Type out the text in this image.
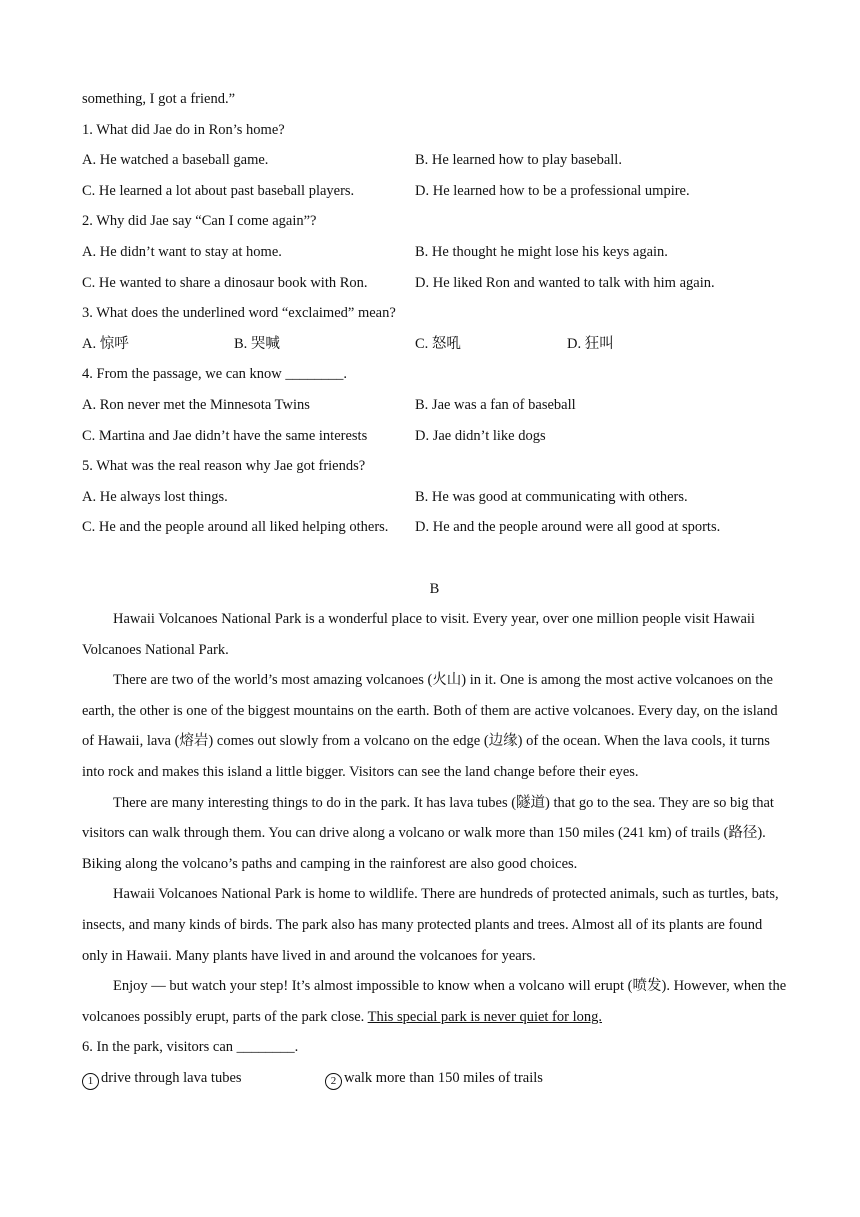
something, I got a friend.”
1. What did Jae do in Ron’s home?
A. He watched a baseball game.	B. He learned how to play baseball.
C. He learned a lot about past baseball players.	D. He learned how to be a professional umpire.
2. Why did Jae say “Can I come again”?
A. He didn’t want to stay at home.	B. He thought he might lose his keys again.
C. He wanted to share a dinosaur book with Ron.	D. He liked Ron and wanted to talk with him again.
3. What does the underlined word “exclaimed” mean?
A. 惊呼	B. 哭喊	C. 怒吼	D. 狂叫
4. From the passage, we can know ________.
A. Ron never met the Minnesota Twins	B. Jae was a fan of baseball
C. Martina and Jae didn’t have the same interests	D. Jae didn’t like dogs
5. What was the real reason why Jae got friends?
A. He always lost things.	B. He was good at communicating with others.
C. He and the people around all liked helping others.	D. He and the people around were all good at sports.
B
Hawaii Volcanoes National Park is a wonderful place to visit. Every year, over one million people visit Hawaii Volcanoes National Park.
There are two of the world’s most amazing volcanoes (火山) in it. One is among the most active volcanoes on the earth, the other is one of the biggest mountains on the earth. Both of them are active volcanoes. Every day, on the island of Hawaii, lava (熔岩) comes out slowly from a volcano on the edge (边缘) of the ocean. When the lava cools, it turns into rock and makes this island a little bigger. Visitors can see the land change before their eyes.
There are many interesting things to do in the park. It has lava tubes (隧道) that go to the sea. They are so big that visitors can walk through them. You can drive along a volcano or walk more than 150 miles (241 km) of trails (路径). Biking along the volcano’s paths and camping in the rainforest are also good choices.
Hawaii Volcanoes National Park is home to wildlife. There are hundreds of protected animals, such as turtles, bats, insects, and many kinds of birds. The park also has many protected plants and trees. Almost all of its plants are found only in Hawaii. Many plants have lived in and around the volcanoes for years.
Enjoy — but watch your step! It’s almost impossible to know when a volcano will erupt (喷发). However, when the volcanoes possibly erupt, parts of the park close. This special park is never quiet for long.
6. In the park, visitors can ________.
1 drive through lava tubes	2 walk more than 150 miles of trails
